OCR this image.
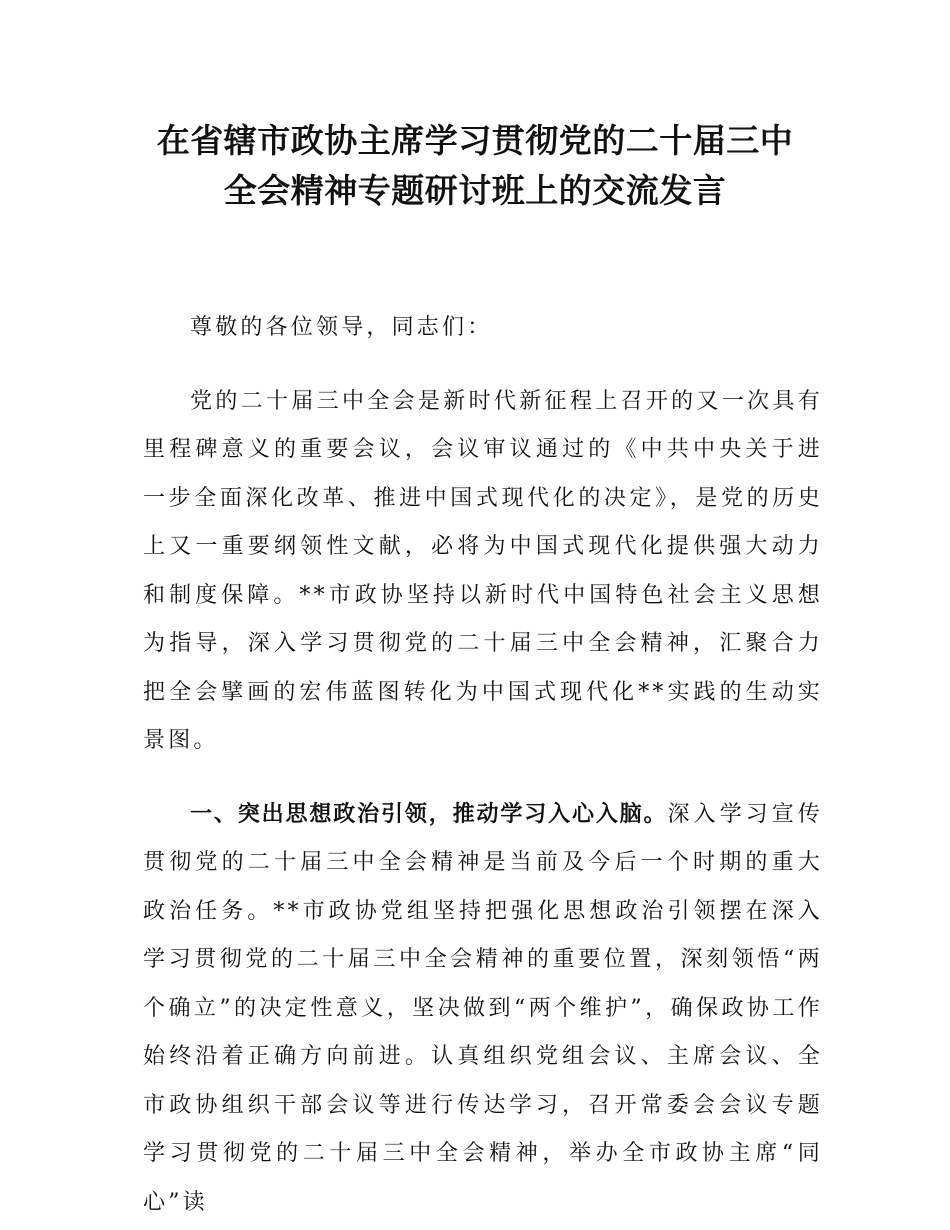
在省辖市政协主席学习贯彻党的二十届三中
全会精神专题研讨班上的交流发言

尊敬的各位领导，同志们：

党的二十届三中全会是新时代新征程上召开的又一次具有里程碑意义的重要会议，会议审议通过的《中共中央关于进一步全面深化改革、推进中国式现代化的决定》，是党的历史上又一重要纲领性文献，必将为中国式现代化提供强大动力和制度保障。**市政协坚持以新时代中国特色社会主义思想为指导，深入学习贯彻党的二十届三中全会精神，汇聚合力把全会擘画的宏伟蓝图转化为中国式现代化**实践的生动实景图。

一、突出思想政治引领，推动学习入心入脑。深入学习宣传贯彻党的二十届三中全会精神是当前及今后一个时期的重大政治任务。**市政协党组坚持把强化思想政治引领摆在深入学习贯彻党的二十届三中全会精神的重要位置，深刻领悟“两个确立”的决定性意义，坚决做到“两个维护”，确保政协工作始终沿着正确方向前进。认真组织党组会议、主席会议、全市政协组织干部会议等进行传达学习，召开常委会会议专题学习贯彻党的二十届三中全会精神，举办全市政协主席“同心”读
